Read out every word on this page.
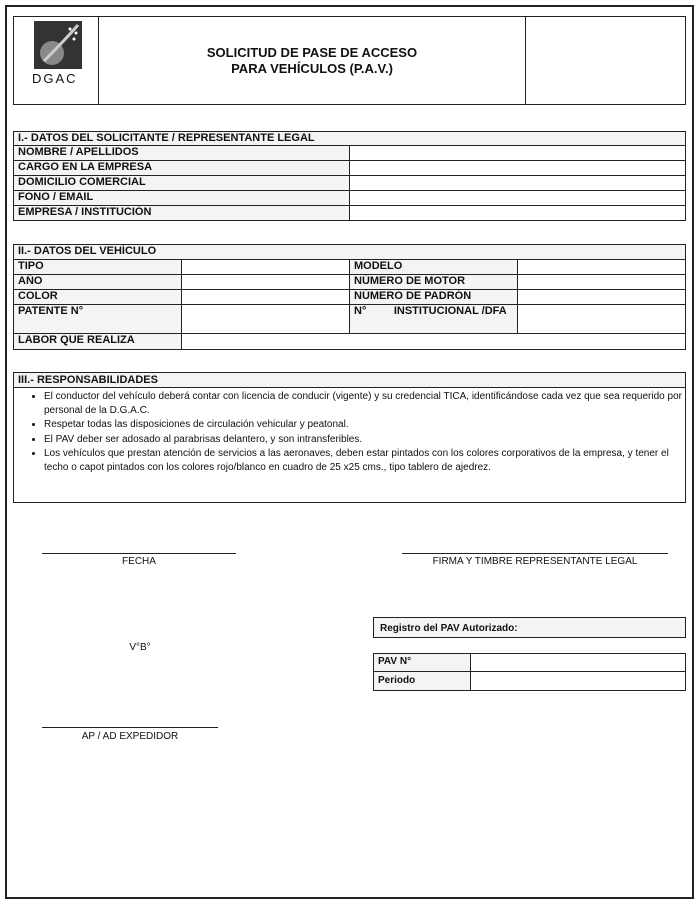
DGAC

SOLICITUD DE PASE DE ACCESO
PARA VEHÍCULOS (P.A.V.)

I.- DATOS DEL SOLICITANTE / REPRESENTANTE LEGAL	
NOMBRE / APELLIDOS	
CARGO EN LA EMPRESA	
DOMICILIO COMERCIAL	
FONO / EMAIL	
EMPRESA / INSTITUCIÓN	
II.- DATOS DEL VEHÍCULO			
TIPO		MODELO	
AÑO		NÚMERO DE MOTOR	
COLOR		NÚMERO DE PADRÓN	
PATENTE N°		N°         INSTITUCIONAL /DFA	
LABOR QUE REALIZA			
III.- RESPONSABILIDADES
• El conductor del vehículo deberá contar con licencia de conducir (vigente) y su credencial TICA, identificándose cada vez que sea requerido por personal de la D.G.A.C.
• Respetar todas las disposiciones de circulación vehicular y peatonal.
• El PAV deber ser adosado al parabrisas delantero, y son intransferibles.
• Los vehículos que prestan atención de servicios a las aeronaves, deben estar pintados con los colores corporativos de la empresa, y tener el techo o capot pintados con los colores rojo/blanco en cuadro de 25 x25 cms., tipo tablero de ajedrez.
FECHA	FIRMA Y TIMBRE REPRESENTANTE LEGAL
V°B°
AP / AD EXPEDIDOR
Registro del PAV Autorizado:
PAV N°	
Periodo	
